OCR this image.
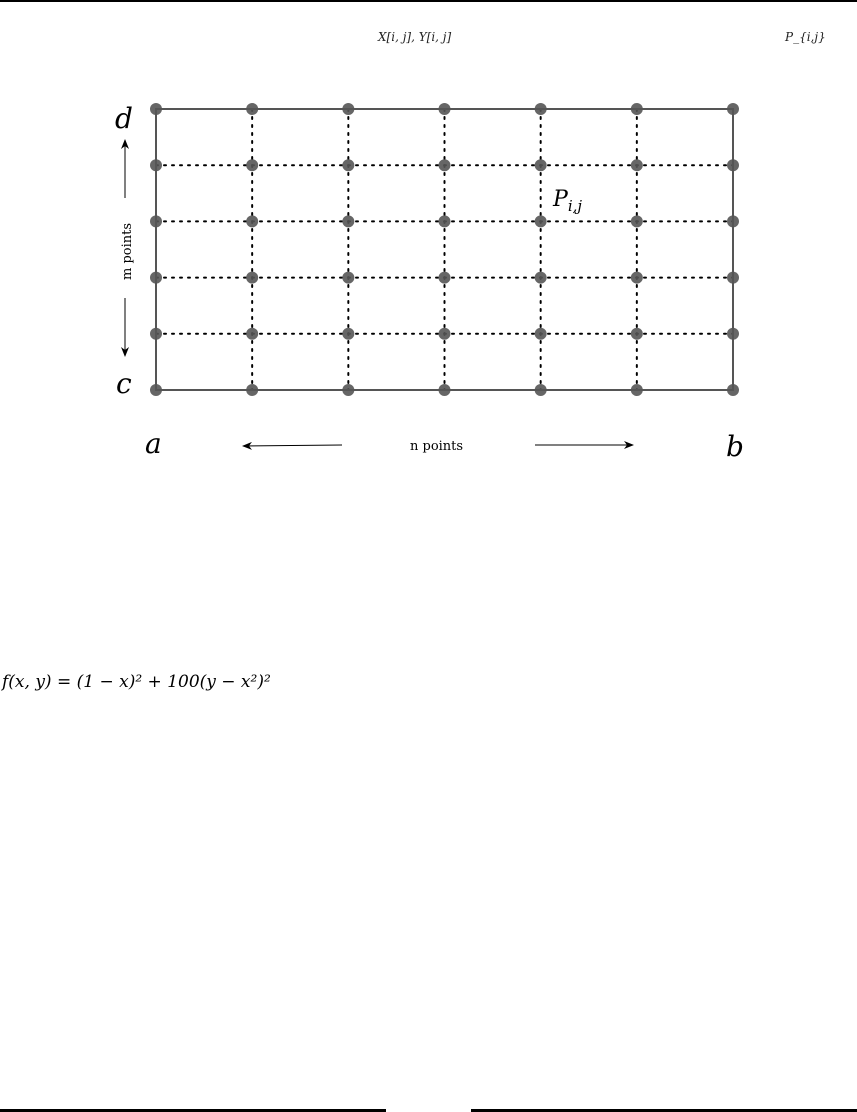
X[i, j], Y[i, j]	P_{i,j}
d
c
a	b
n points
m points
$P_{i,j}$
f(x, y) = (1 − x)² + 100(y − x²)²
